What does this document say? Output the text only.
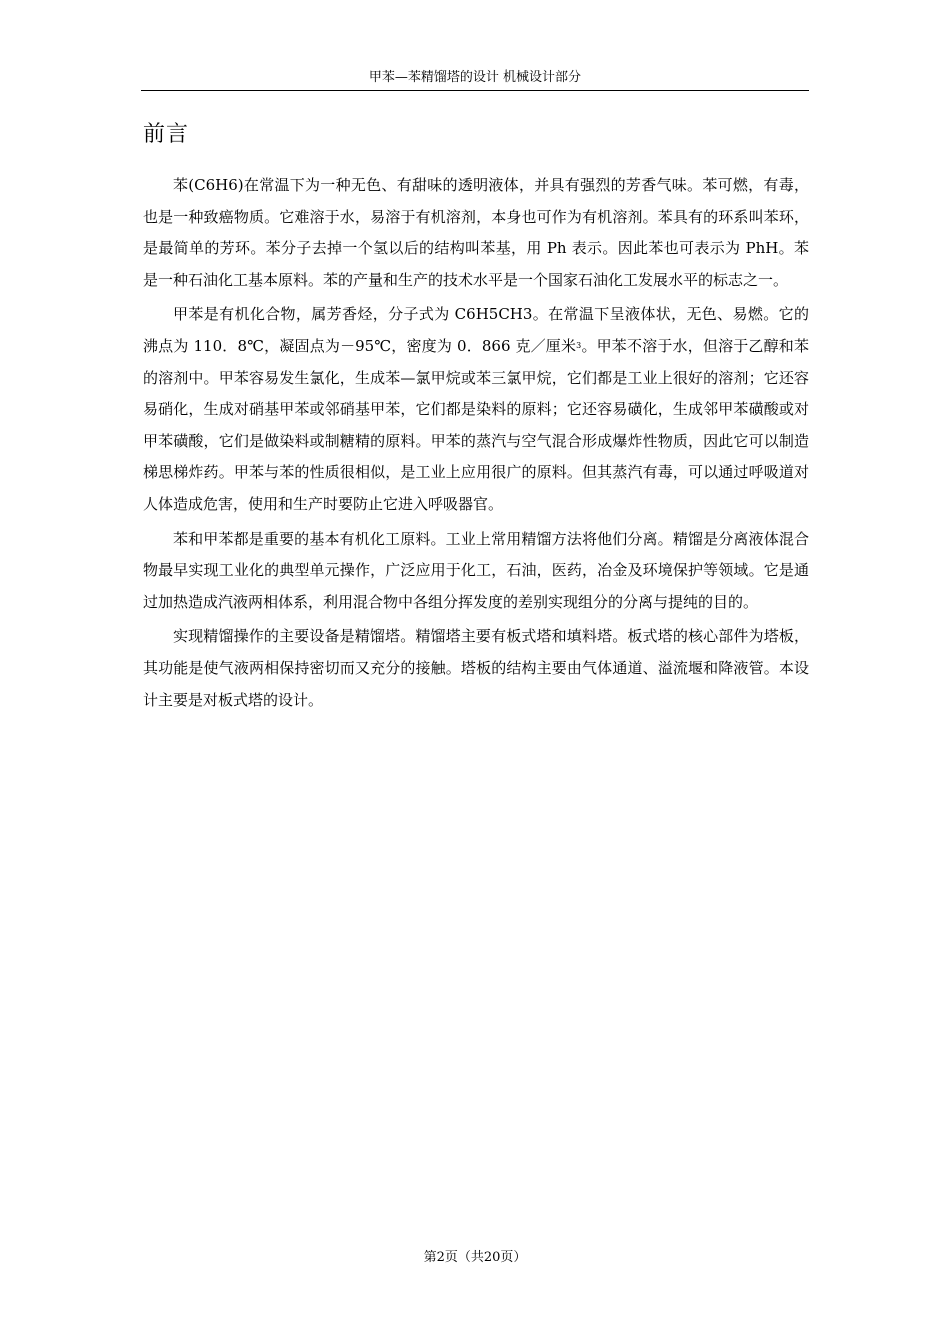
甲苯—苯精馏塔的设计 机械设计部分
前言

苯(C6H6)在常温下为一种无色、有甜味的透明液体，并具有强烈的芳香气味。苯可燃，有毒，也是一种致癌物质。它难溶于水，易溶于有机溶剂，本身也可作为有机溶剂。苯具有的环系叫苯环，是最简单的芳环。苯分子去掉一个氢以后的结构叫苯基，用 Ph 表示。因此苯也可表示为 PhH。苯是一种石油化工基本原料。苯的产量和生产的技术水平是一个国家石油化工发展水平的标志之一。

甲苯是有机化合物，属芳香烃，分子式为 C6H5CH3。在常温下呈液体状，无色、易燃。它的沸点为 110．8℃，凝固点为－95℃，密度为 0．866 克／厘米$^3$。甲苯不溶于水，但溶于乙醇和苯的溶剂中。甲苯容易发生氯化，生成苯—氯甲烷或苯三氯甲烷，它们都是工业上很好的溶剂；它还容易硝化，生成对硝基甲苯或邻硝基甲苯，它们都是染料的原料；它还容易磺化，生成邻甲苯磺酸或对甲苯磺酸，它们是做染料或制糖精的原料。甲苯的蒸汽与空气混合形成爆炸性物质，因此它可以制造梯思梯炸药。甲苯与苯的性质很相似，是工业上应用很广的原料。但其蒸汽有毒，可以通过呼吸道对人体造成危害，使用和生产时要防止它进入呼吸器官。

苯和甲苯都是重要的基本有机化工原料。工业上常用精馏方法将他们分离。精馏是分离液体混合物最早实现工业化的典型单元操作，广泛应用于化工，石油，医药，冶金及环境保护等领域。它是通过加热造成汽液两相体系，利用混合物中各组分挥发度的差别实现组分的分离与提纯的目的。

实现精馏操作的主要设备是精馏塔。精馏塔主要有板式塔和填料塔。板式塔的核心部件为塔板，其功能是使气液两相保持密切而又充分的接触。塔板的结构主要由气体通道、溢流堰和降液管。本设计主要是对板式塔的设计。

第2页（共20页）
